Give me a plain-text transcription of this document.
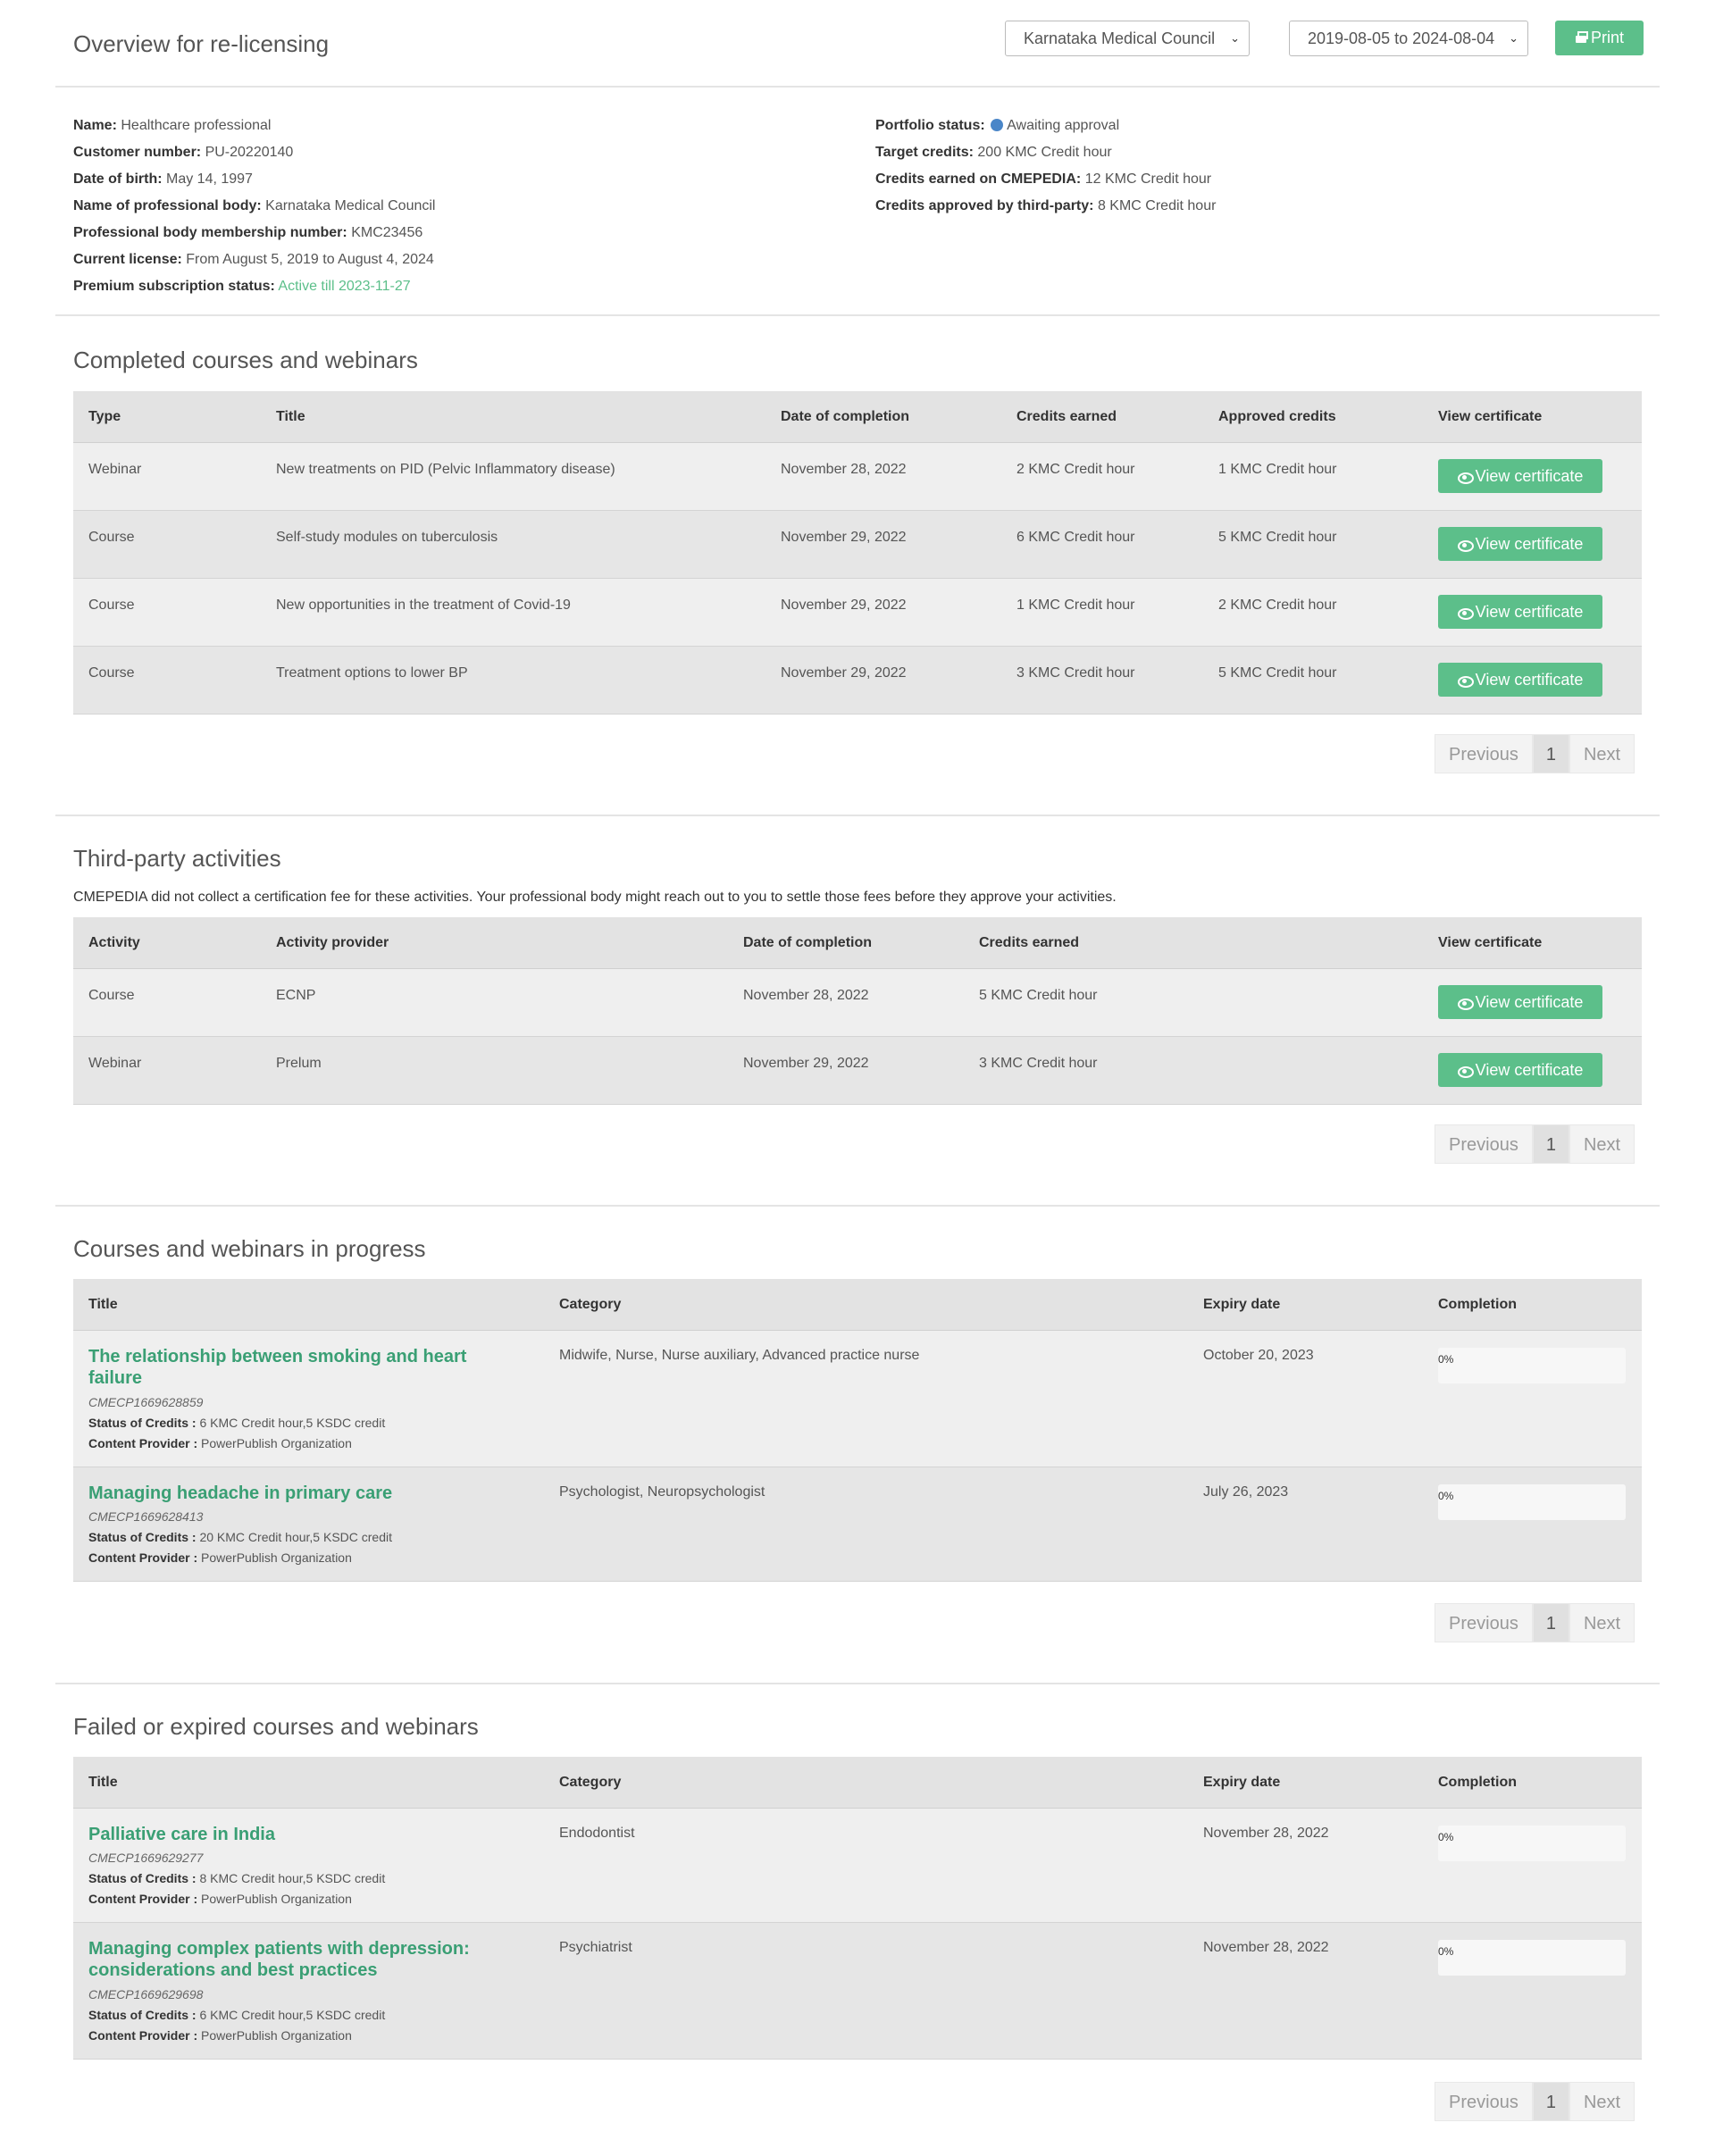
Overview for re-licensing	Karnataka Medical Council ⌄	2019-08-05 to 2024-08-04 ⌄	Print
Name: Healthcare professional
Customer number: PU-20220140
Date of birth: May 14, 1997
Name of professional body: Karnataka Medical Council
Professional body membership number: KMC23456
Current license: From August 5, 2019 to August 4, 2024
Premium subscription status: Active till 2023-11-27
Portfolio status: Awaiting approval
Target credits: 200 KMC Credit hour
Credits earned on CMEPEDIA: 12 KMC Credit hour
Credits approved by third-party: 8 KMC Credit hour
Completed courses and webinars
Type	Title	Date of completion	Credits earned	Approved credits	View certificate
Webinar	New treatments on PID (Pelvic Inflammatory disease)	November 28, 2022	2 KMC Credit hour	1 KMC Credit hour	View certificate
Course	Self-study modules on tuberculosis	November 29, 2022	6 KMC Credit hour	5 KMC Credit hour	View certificate
Course	New opportunities in the treatment of Covid-19	November 29, 2022	1 KMC Credit hour	2 KMC Credit hour	View certificate
Course	Treatment options to lower BP	November 29, 2022	3 KMC Credit hour	5 KMC Credit hour	View certificate
Previous	1	Next
Third-party activities
CMEPEDIA did not collect a certification fee for these activities. Your professional body might reach out to you to settle those fees before they approve your activities.
Activity	Activity provider	Date of completion	Credits earned	View certificate
Course	ECNP	November 28, 2022	5 KMC Credit hour	View certificate
Webinar	Prelum	November 29, 2022	3 KMC Credit hour	View certificate
Previous	1	Next
Courses and webinars in progress
Title	Category	Expiry date	Completion
The relationship between smoking and heart failure
CMECP1669628859
Status of Credits : 6 KMC Credit hour,5 KSDC credit
Content Provider : PowerPublish Organization
Midwife, Nurse, Nurse auxiliary, Advanced practice nurse	October 20, 2023	0%
Managing headache in primary care
CMECP1669628413
Status of Credits : 20 KMC Credit hour,5 KSDC credit
Content Provider : PowerPublish Organization
Psychologist, Neuropsychologist	July 26, 2023	0%
Previous	1	Next
Failed or expired courses and webinars
Title	Category	Expiry date	Completion
Palliative care in India
CMECP1669629277
Status of Credits : 8 KMC Credit hour,5 KSDC credit
Content Provider : PowerPublish Organization
Endodontist	November 28, 2022	0%
Managing complex patients with depression: considerations and best practices
CMECP1669629698
Status of Credits : 6 KMC Credit hour,5 KSDC credit
Content Provider : PowerPublish Organization
Psychiatrist	November 28, 2022	0%
Previous	1	Next
